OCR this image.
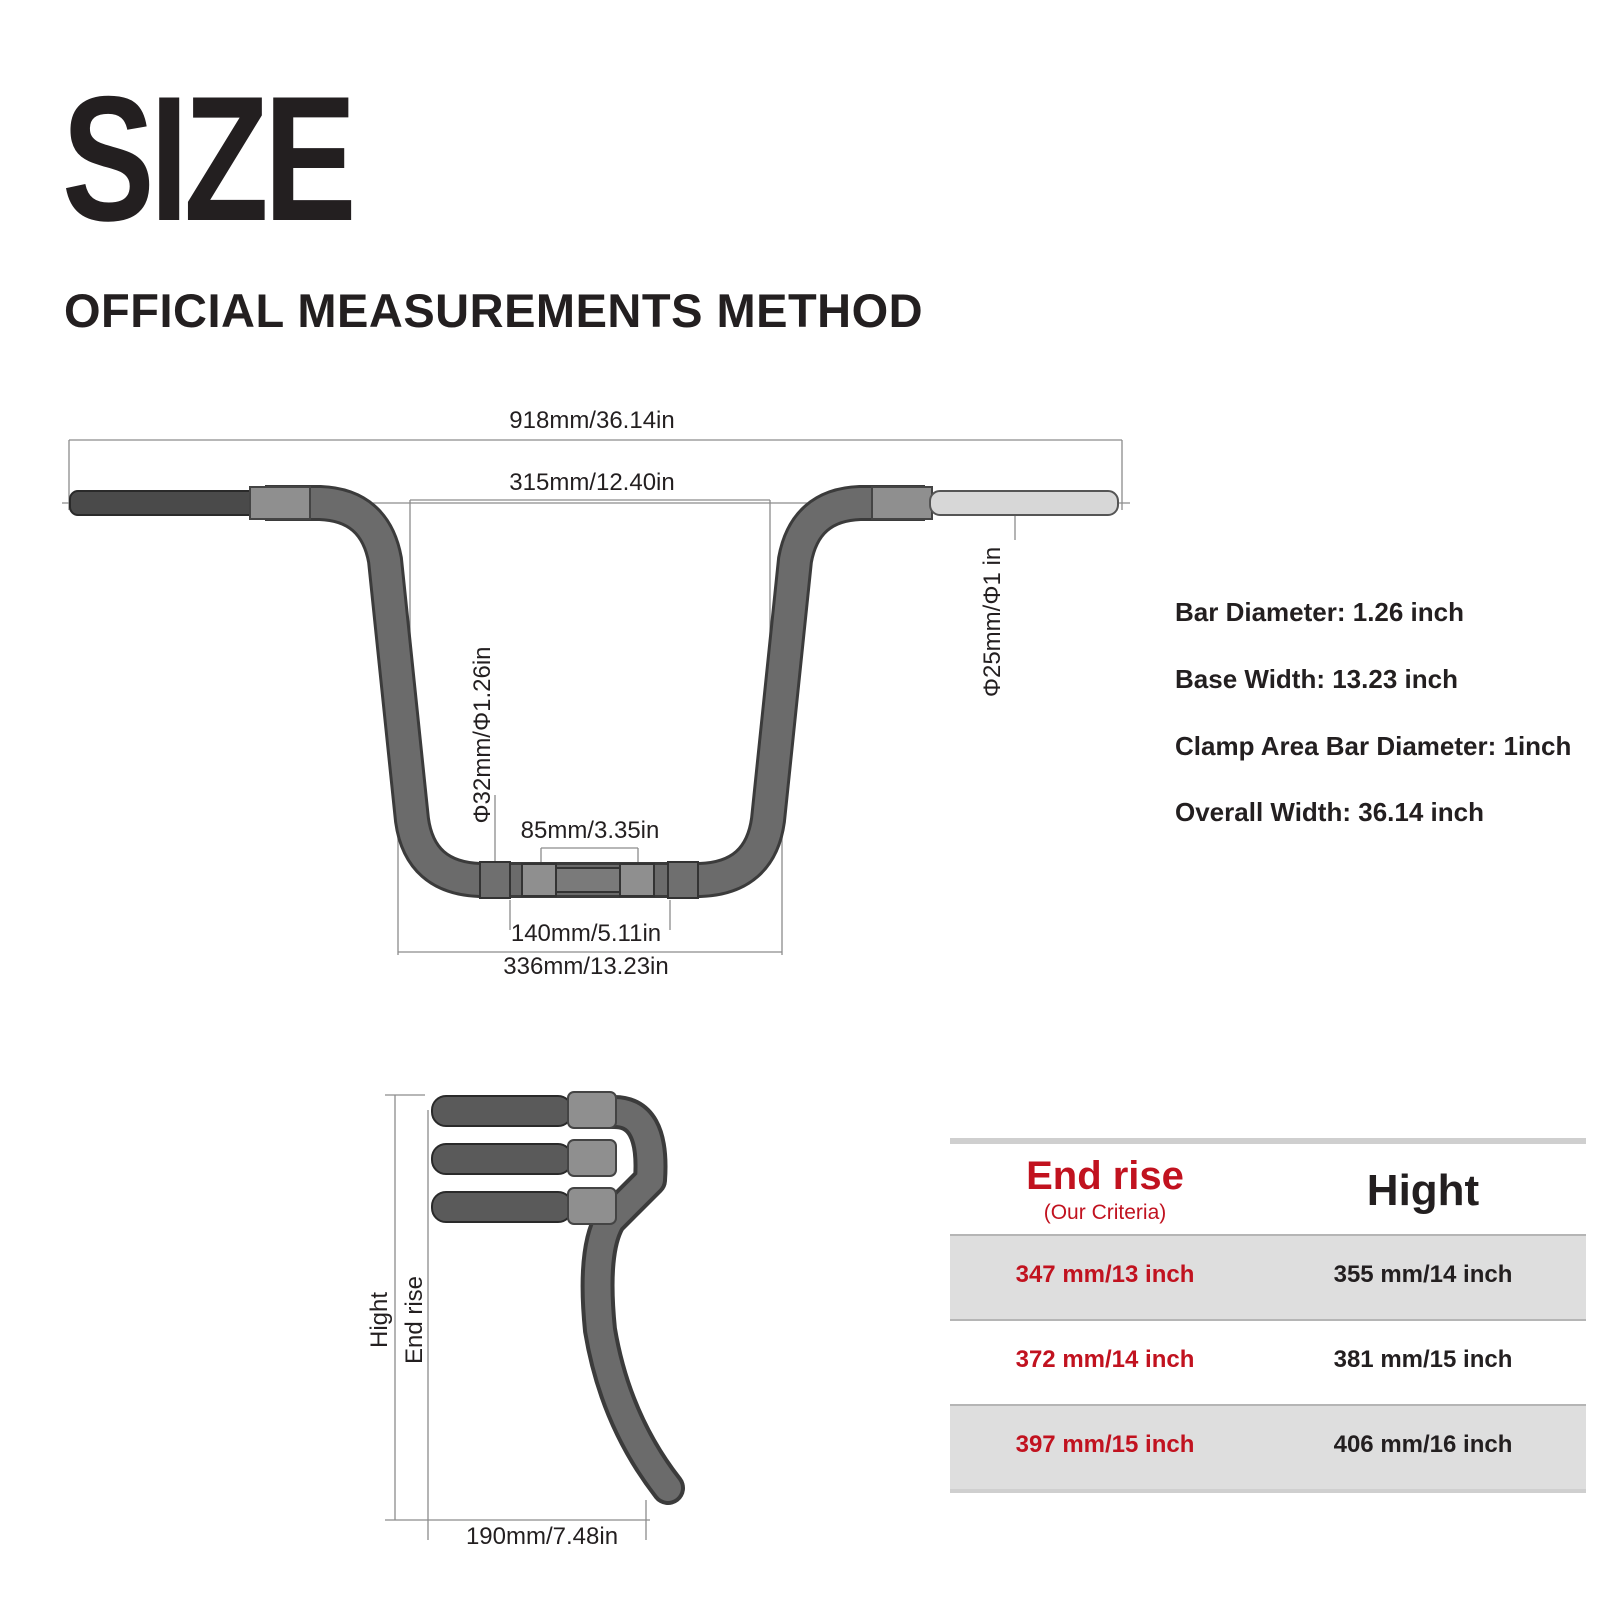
SIZE
OFFICIAL MEASUREMENTS METHOD
918mm/36.14in
315mm/12.40in
85mm/3.35in
140mm/5.11in
336mm/13.23in
Φ32mm/Φ1.26in
Φ25mm/Φ1 in
Hight End rise
190mm/7.48in
Bar Diameter: 1.26 inch
Base Width: 13.23 inch
Clamp Area Bar Diameter: 1inch
Overall Width: 36.14 inch
End rise
(Our Criteria)	Hight
347 mm/13 inch	355 mm/14 inch
372 mm/14 inch	381 mm/15 inch
397 mm/15 inch	406 mm/16 inch
